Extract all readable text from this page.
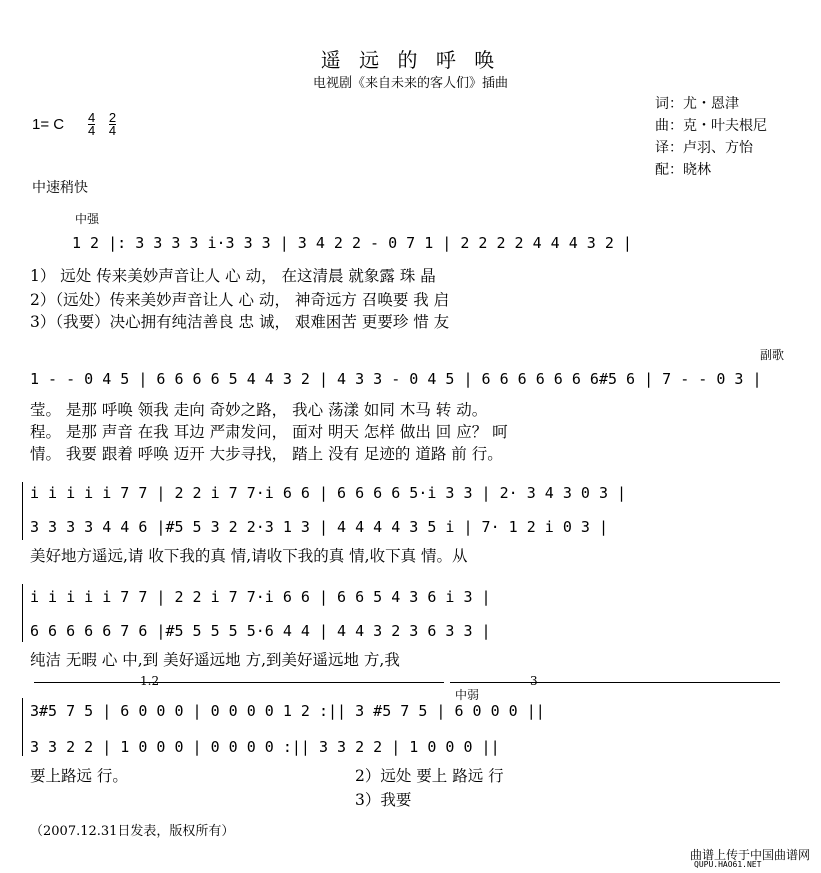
遥 远 的 呼 唤
电视剧《来自未来的客人们》插曲
词：尤・恩津
曲：克・叶夫根尼
译：卢羽、方怡
配：晓林
1= C $\frac{4}{4}$
$\frac{2}{4}$
中速稍快
中强
1 2 |: 3 3 3 3 i·3 3 3 | 3 4 2 2 - 0 7 1 | 2 2 2 2 4 4 4 3 2 |
1） 远处 传来美妙声音让人 心 动， 在这清晨 就象露 珠 晶
2）（远处）传来美妙声音让人 心 动， 神奇远方 召唤要 我 启
3）（我要）决心拥有纯洁善良 忠 诚， 艰难困苦 更要珍 惜 友
副歌
1 - - 0 4 5 | 6 6 6 6 5 4 4 3 2 | 4 3 3 - 0 4 5 | 6 6 6 6 6 6 6#5 6 | 7 - - 0 3 |
莹。 是那 呼唤 领我 走向 奇妙之路， 我心 荡漾 如同 木马 转 动。
程。 是那 声音 在我 耳边 严肃发问， 面对 明天 怎样 做出 回 应？ 呵
情。 我要 跟着 呼唤 迈开 大步寻找， 踏上 没有 足迹的 道路 前 行。
i i i i i 7 7 | 2 2 i 7 7·i 6 6 | 6 6 6 6 5·i 3 3 | 2· 3 4 3 0 3 |
3 3 3 3 4 4 6 |#5 5 3 2 2·3 1 3 | 4 4 4 4 3 5 i | 7· 1 2 i 0 3 |
美好地方遥远,请 收下我的真 情,请收下我的真 情,收下真 情。从
i i i i i 7 7 | 2 2 i 7 7·i 6 6 | 6 6 5 4 3 6 i 3 |
6 6 6 6 6 7 6 |#5 5 5 5 5·6 4 4 | 4 4 3 2 3 6 3 3 |
纯洁 无暇 心 中,到 美好遥远地 方,到美好遥远地 方,我
1.2	3
中弱
3#5 7 5 | 6 0 0 0 | 0 0 0 0 1 2 :|| 3 #5 7 5 | 6 0 0 0 ||
3 3 2 2 | 1 0 0 0 | 0 0 0 0 :|| 3 3 2 2 | 1 0 0 0 ||
要上路远 行。	2）远处 要上 路远 行
3）我要
（2007.12.31日发表，版权所有）
曲谱上传于中国曲谱网
QUPU.HAO61.NET
